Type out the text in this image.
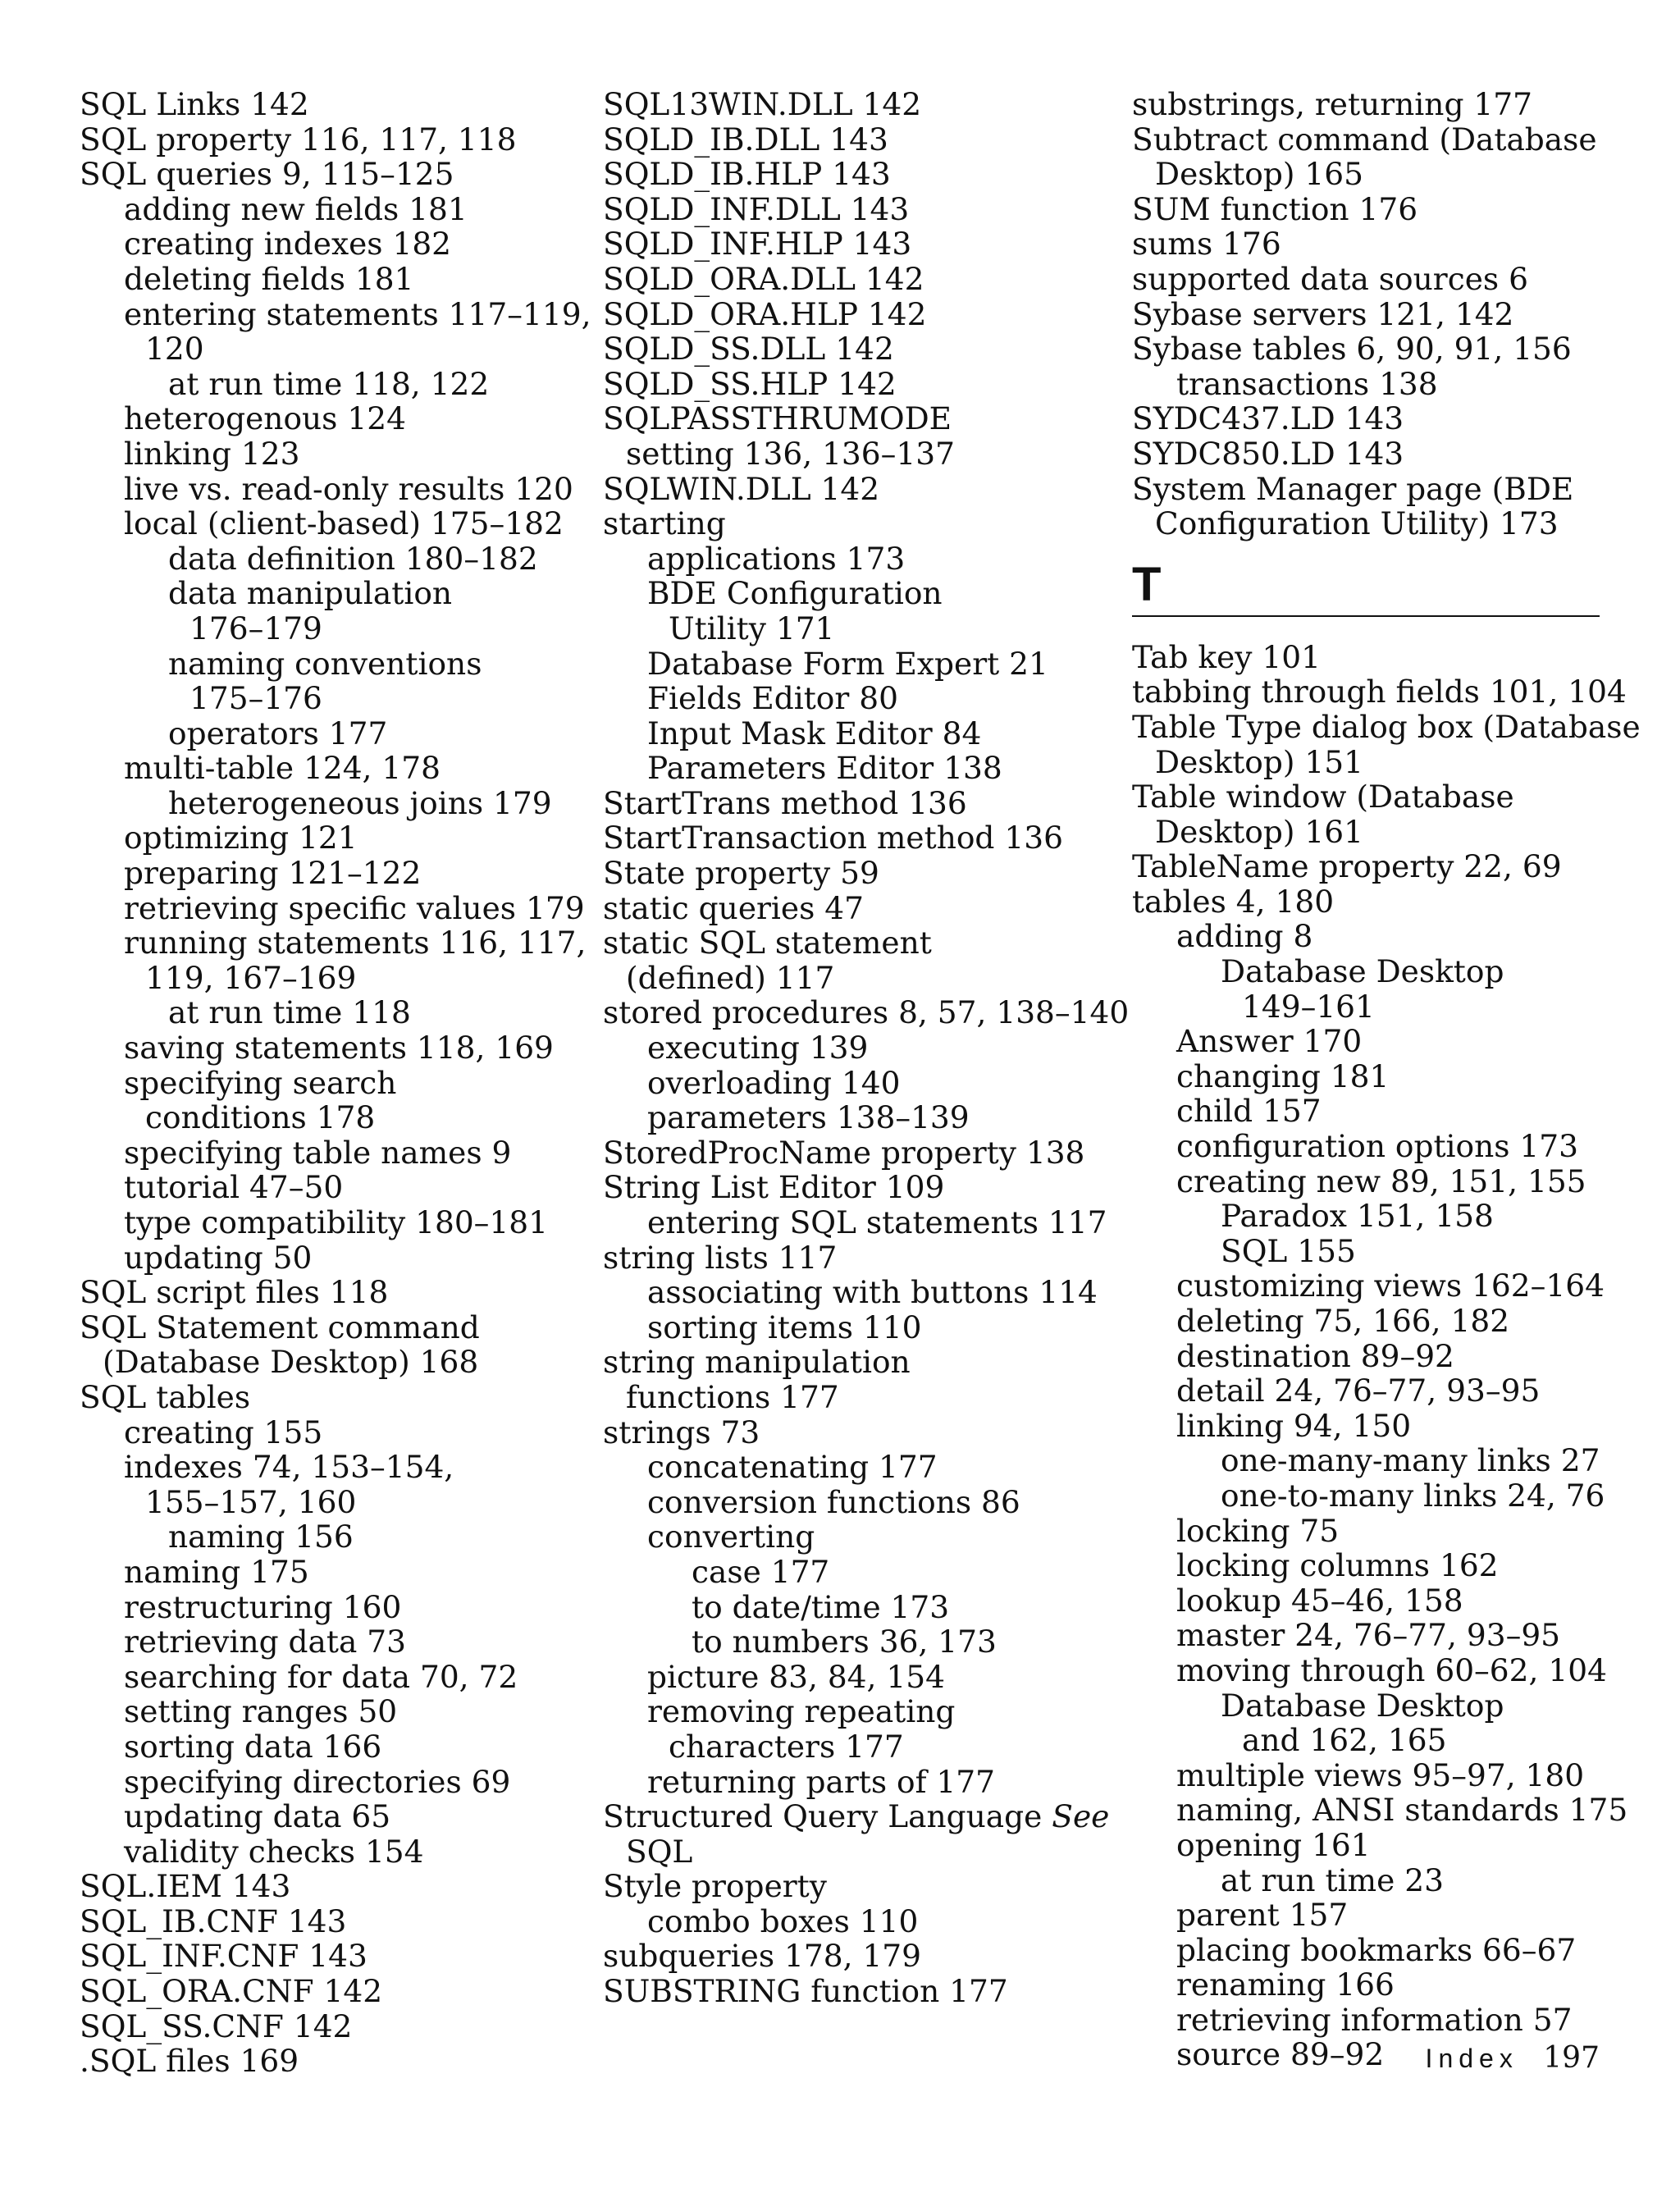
SQL Links 142
SQL property 116, 117, 118
SQL queries 9, 115–125
adding new fields 181
creating indexes 182
deleting fields 181
entering statements 117–119,
120
at run time 118, 122
heterogenous 124
linking 123
live vs. read-only results 120
local (client-based) 175–182
data definition 180–182
data manipulation
176–179
naming conventions
175–176
operators 177
multi-table 124, 178
heterogeneous joins 179
optimizing 121
preparing 121–122
retrieving specific values 179
running statements 116, 117,
119, 167–169
at run time 118
saving statements 118, 169
specifying search
conditions 178
specifying table names 9
tutorial 47–50
type compatibility 180–181
updating 50
SQL script files 118
SQL Statement command
(Database Desktop) 168
SQL tables
creating 155
indexes 74, 153–154,
155–157, 160
naming 156
naming 175
restructuring 160
retrieving data 73
searching for data 70, 72
setting ranges 50
sorting data 166
specifying directories 69
updating data 65
validity checks 154
SQL.IEM 143
SQL_IB.CNF 143
SQL_INF.CNF 143
SQL_ORA.CNF 142
SQL_SS.CNF 142
.SQL files 169
SQL13WIN.DLL 142
SQLD_IB.DLL 143
SQLD_IB.HLP 143
SQLD_INF.DLL 143
SQLD_INF.HLP 143
SQLD_ORA.DLL 142
SQLD_ORA.HLP 142
SQLD_SS.DLL 142
SQLD_SS.HLP 142
SQLPASSTHRUMODE
setting 136, 136–137
SQLWIN.DLL 142
starting
applications 173
BDE Configuration
Utility 171
Database Form Expert 21
Fields Editor 80
Input Mask Editor 84
Parameters Editor 138
StartTrans method 136
StartTransaction method 136
State property 59
static queries 47
static SQL statement
(defined) 117
stored procedures 8, 57, 138–140
executing 139
overloading 140
parameters 138–139
StoredProcName property 138
String List Editor 109
entering SQL statements 117
string lists 117
associating with buttons 114
sorting items 110
string manipulation
functions 177
strings 73
concatenating 177
conversion functions 86
converting
case 177
to date/time 173
to numbers 36, 173
picture 83, 84, 154
removing repeating
characters 177
returning parts of 177
Structured Query Language See
SQL
Style property
combo boxes 110
subqueries 178, 179
SUBSTRING function 177
substrings, returning 177
Subtract command (Database
Desktop) 165
SUM function 176
sums 176
supported data sources 6
Sybase servers 121, 142
Sybase tables 6, 90, 91, 156
transactions 138
SYDC437.LD 143
SYDC850.LD 143
System Manager page (BDE
Configuration Utility) 173
T
Tab key 101
tabbing through fields 101, 104
Table Type dialog box (Database
Desktop) 151
Table window (Database
Desktop) 161
TableName property 22, 69
tables 4, 180
adding 8
Database Desktop
149–161
Answer 170
changing 181
child 157
configuration options 173
creating new 89, 151, 155
Paradox 151, 158
SQL 155
customizing views 162–164
deleting 75, 166, 182
destination 89–92
detail 24, 76–77, 93–95
linking 94, 150
one-many-many links 27
one-to-many links 24, 76
locking 75
locking columns 162
lookup 45–46, 158
master 24, 76–77, 93–95
moving through 60–62, 104
Database Desktop
and 162, 165
multiple views 95–97, 180
naming, ANSI standards 175
opening 161
at run time 23
parent 157
placing bookmarks 66–67
renaming 166
retrieving information 57
source 89–92	Index 197
